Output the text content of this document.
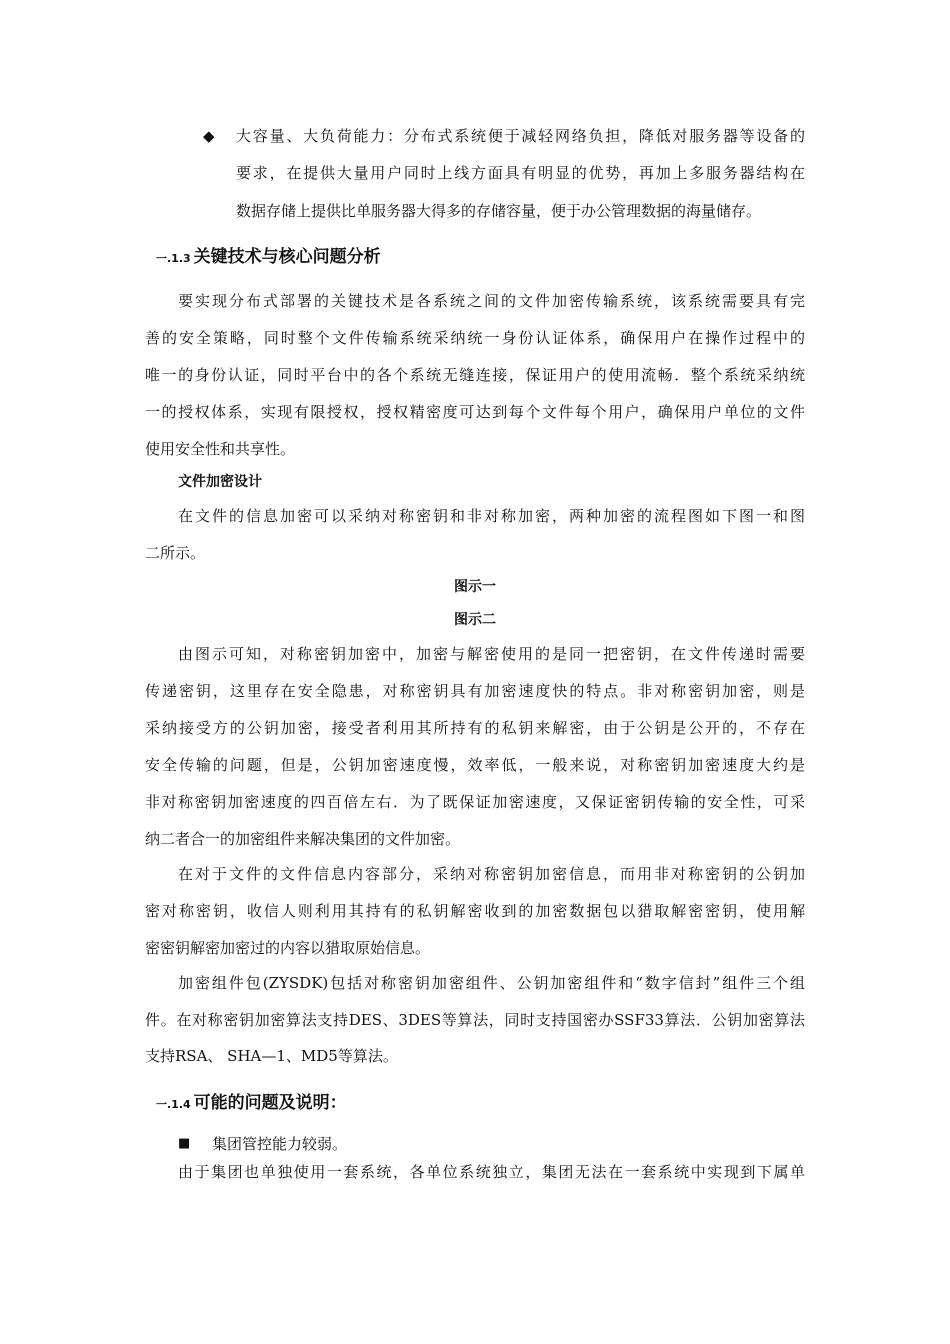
◆ 大容量、大负荷能力：分布式系统便于减轻网络负担，降低对服务器等设备的
要求，在提供大量用户同时上线方面具有明显的优势，再加上多服务器结构在
数据存储上提供比单服务器大得多的存储容量，便于办公管理数据的海量储存。
一.1.3 关键技术与核心问题分析
要实现分布式部署的关键技术是各系统之间的文件加密传输系统，该系统需要具有完
善的安全策略，同时整个文件传输系统采纳统一身份认证体系，确保用户在操作过程中的
唯一的身份认证，同时平台中的各个系统无缝连接，保证用户的使用流畅．整个系统采纳统
一的授权体系，实现有限授权，授权精密度可达到每个文件每个用户，确保用户单位的文件
使用安全性和共享性。
文件加密设计
在文件的信息加密可以采纳对称密钥和非对称加密，两种加密的流程图如下图一和图
二所示。
图示一
图示二
由图示可知，对称密钥加密中，加密与解密使用的是同一把密钥，在文件传递时需要
传递密钥，这里存在安全隐患，对称密钥具有加密速度快的特点。非对称密钥加密，则是
采纳接受方的公钥加密，接受者利用其所持有的私钥来解密，由于公钥是公开的，不存在
安全传输的问题，但是，公钥加密速度慢，效率低，一般来说，对称密钥加密速度大约是
非对称密钥加密速度的四百倍左右．为了既保证加密速度，又保证密钥传输的安全性，可采
纳二者合一的加密组件来解决集团的文件加密。
在对于文件的文件信息内容部分，采纳对称密钥加密信息，而用非对称密钥的公钥加
密对称密钥，收信人则利用其持有的私钥解密收到的加密数据包以猎取解密密钥，使用解
密密钥解密加密过的内容以猎取原始信息。
加密组件包(ZYSDK)包括对称密钥加密组件、公钥加密组件和“数字信封”组件三个组
件。在对称密钥加密算法支持DES、3DES等算法，同时支持国密办SSF33算法．公钥加密算法
支持RSA、 SHA—1、MD5等算法。
一.1.4 可能的问题及说明：
■ 集团管控能力较弱。
由于集团也单独使用一套系统，各单位系统独立，集团无法在一套系统中实现到下属单
